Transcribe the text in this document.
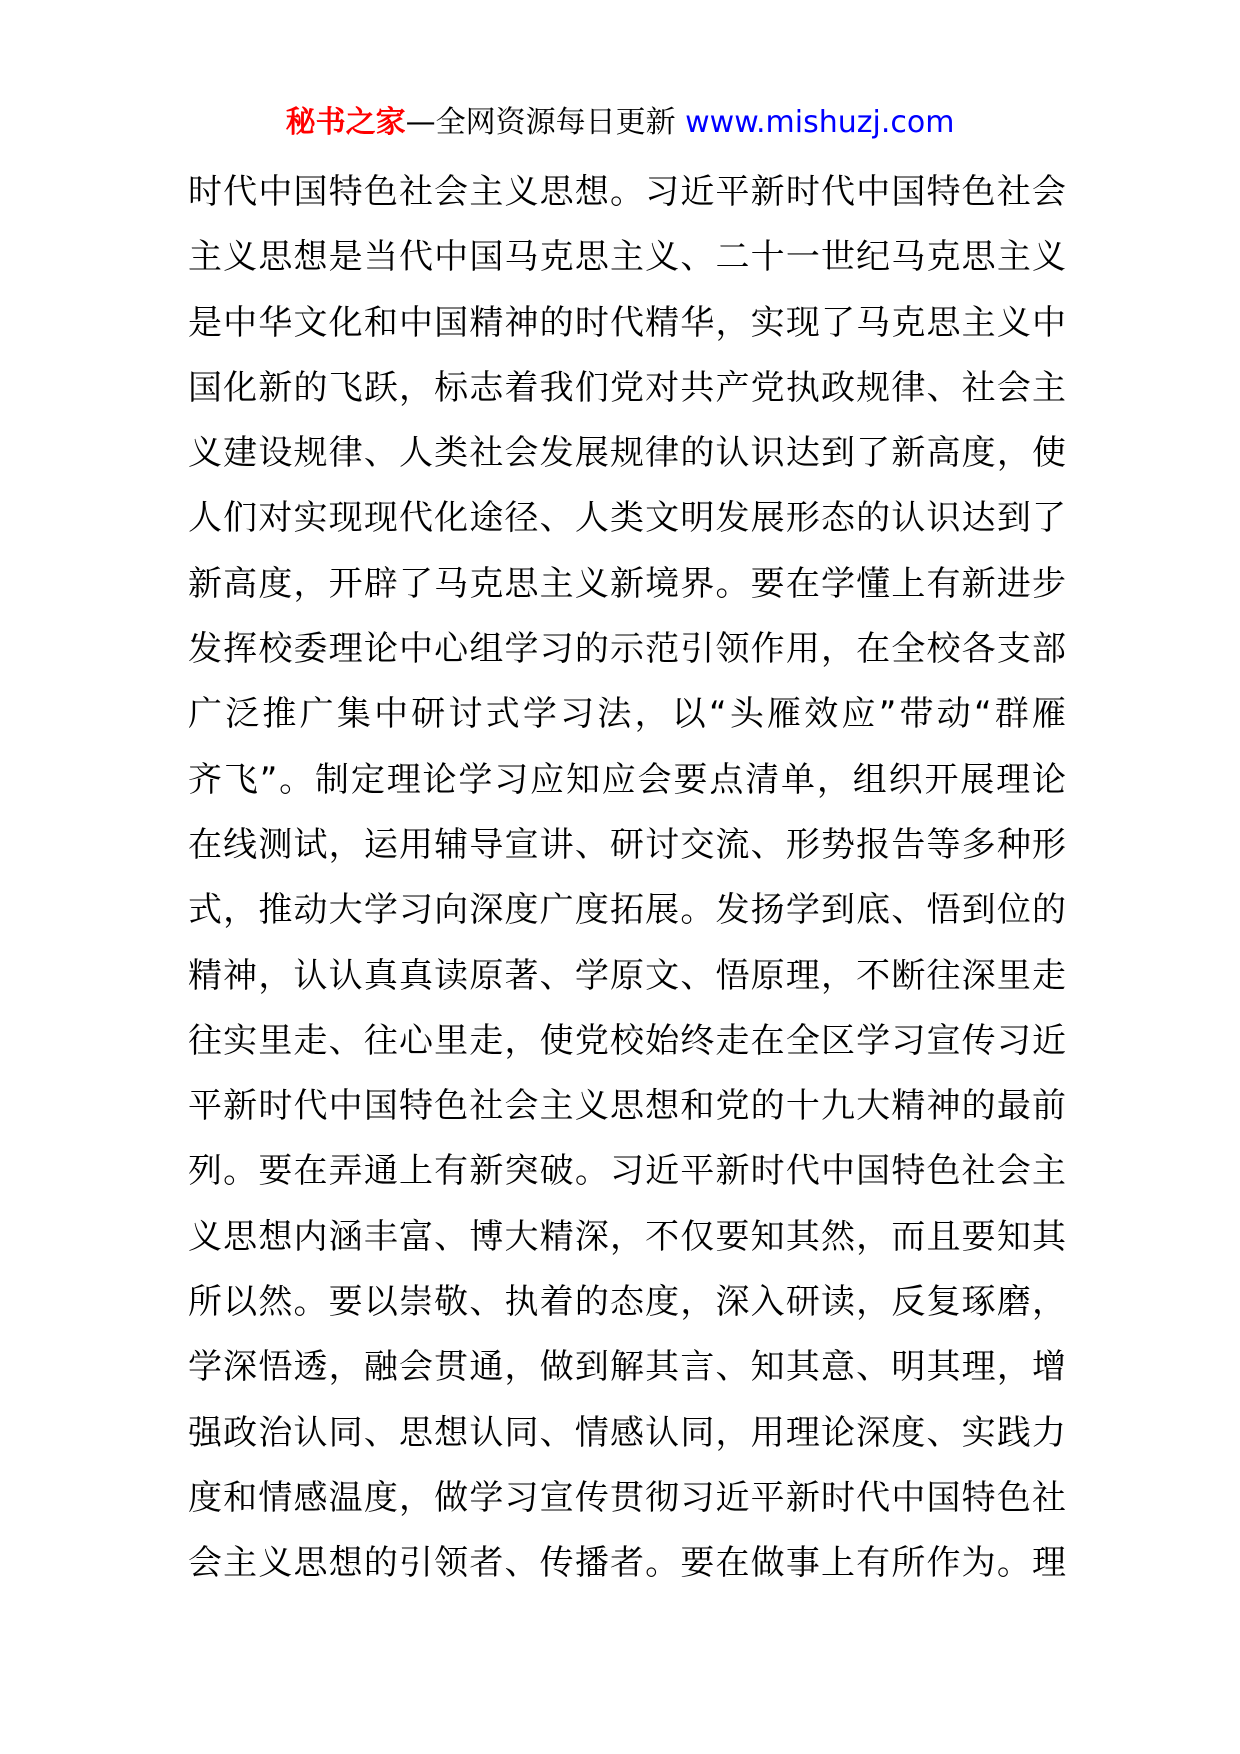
秘书之家—全网资源每日更新 www.mishuzj.com
时代中国特色社会主义思想。习近平新时代中国特色社会
主义思想是当代中国马克思主义、二十一世纪马克思主义
是中华文化和中国精神的时代精华，实现了马克思主义中
国化新的飞跃，标志着我们党对共产党执政规律、社会主
义建设规律、人类社会发展规律的认识达到了新高度，使
人们对实现现代化途径、人类文明发展形态的认识达到了
新高度，开辟了马克思主义新境界。要在学懂上有新进步
发挥校委理论中心组学习的示范引领作用，在全校各支部
广泛推广集中研讨式学习法，以“头雁效应”带动“群雁
齐飞”。制定理论学习应知应会要点清单，组织开展理论
在线测试，运用辅导宣讲、研讨交流、形势报告等多种形
式，推动大学习向深度广度拓展。发扬学到底、悟到位的
精神，认认真真读原著、学原文、悟原理，不断往深里走
往实里走、往心里走，使党校始终走在全区学习宣传习近
平新时代中国特色社会主义思想和党的十九大精神的最前
列。要在弄通上有新突破。习近平新时代中国特色社会主
义思想内涵丰富、博大精深，不仅要知其然，而且要知其
所以然。要以崇敬、执着的态度，深入研读，反复琢磨，
学深悟透，融会贯通，做到解其言、知其意、明其理，增
强政治认同、思想认同、情感认同，用理论深度、实践力
度和情感温度，做学习宣传贯彻习近平新时代中国特色社
会主义思想的引领者、传播者。要在做事上有所作为。理
